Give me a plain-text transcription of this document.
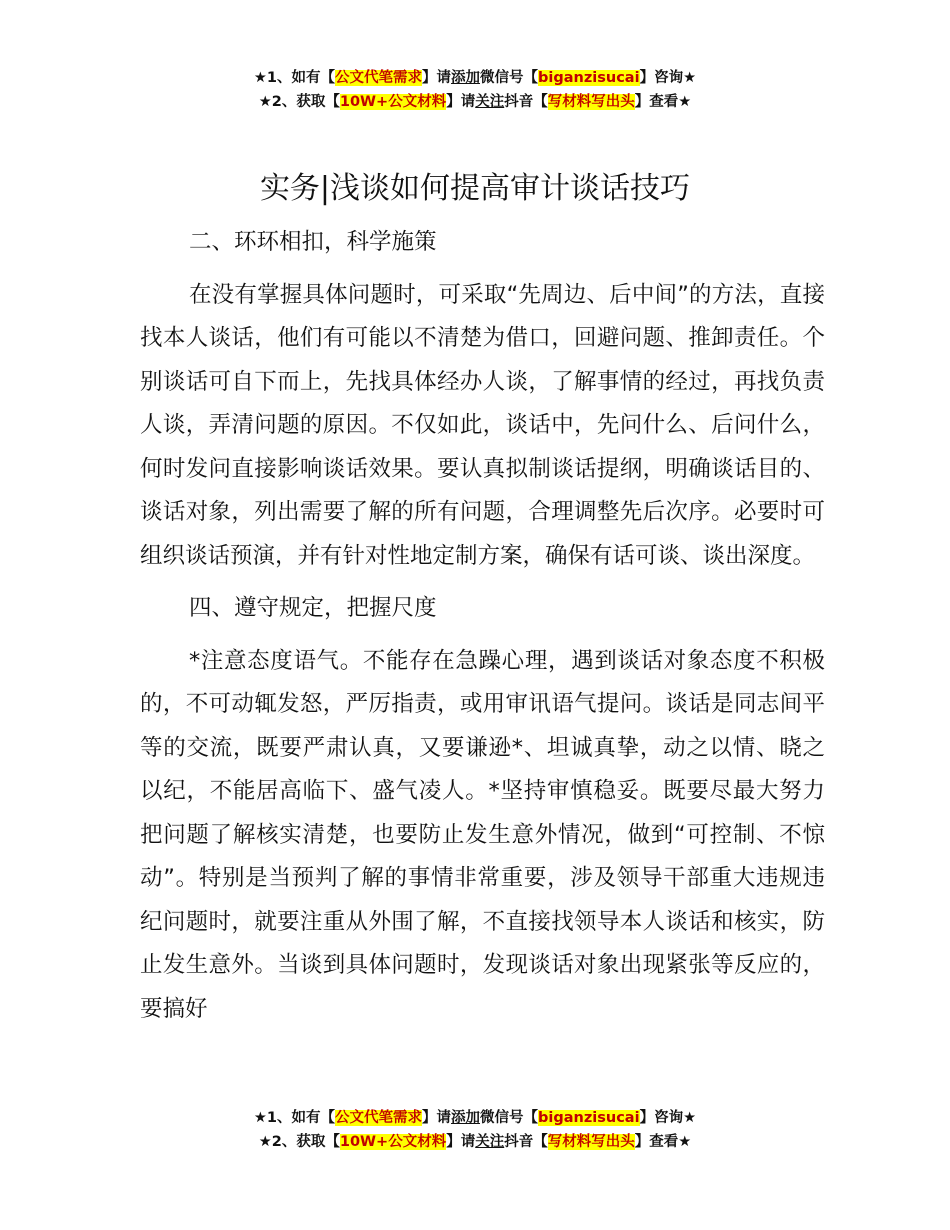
★1、如有【公文代笔需求】请添加微信号【biganzisucai】咨询★
★2、获取【10W+公文材料】请关注抖音【写材料写出头】查看★
实务|浅谈如何提高审计谈话技巧

二、环环相扣，科学施策

在没有掌握具体问题时，可采取“先周边、后中间”的方法，直接找本人谈话，他们有可能以不清楚为借口，回避问题、推卸责任。个别谈话可自下而上，先找具体经办人谈，了解事情的经过，再找负责人谈，弄清问题的原因。不仅如此，谈话中，先问什么、后问什么，何时发问直接影响谈话效果。要认真拟制谈话提纲，明确谈话目的、谈话对象，列出需要了解的所有问题，合理调整先后次序。必要时可组织谈话预演，并有针对性地定制方案，确保有话可谈、谈出深度。

四、遵守规定，把握尺度

*注意态度语气。不能存在急躁心理，遇到谈话对象态度不积极的，不可动辄发怒，严厉指责，或用审讯语气提问。谈话是同志间平等的交流，既要严肃认真，又要谦逊*、坦诚真挚，动之以情、晓之以纪，不能居高临下、盛气凌人。*坚持审慎稳妥。既要尽最大努力把问题了解核实清楚，也要防止发生意外情况，做到“可控制、不惊动”。特别是当预判了解的事情非常重要，涉及领导干部重大违规违纪问题时，就要注重从外围了解，不直接找领导本人谈话和核实，防止发生意外。当谈到具体问题时，发现谈话对象出现紧张等反应的，要搞好

★1、如有【公文代笔需求】请添加微信号【biganzisucai】咨询★
★2、获取【10W+公文材料】请关注抖音【写材料写出头】查看★
